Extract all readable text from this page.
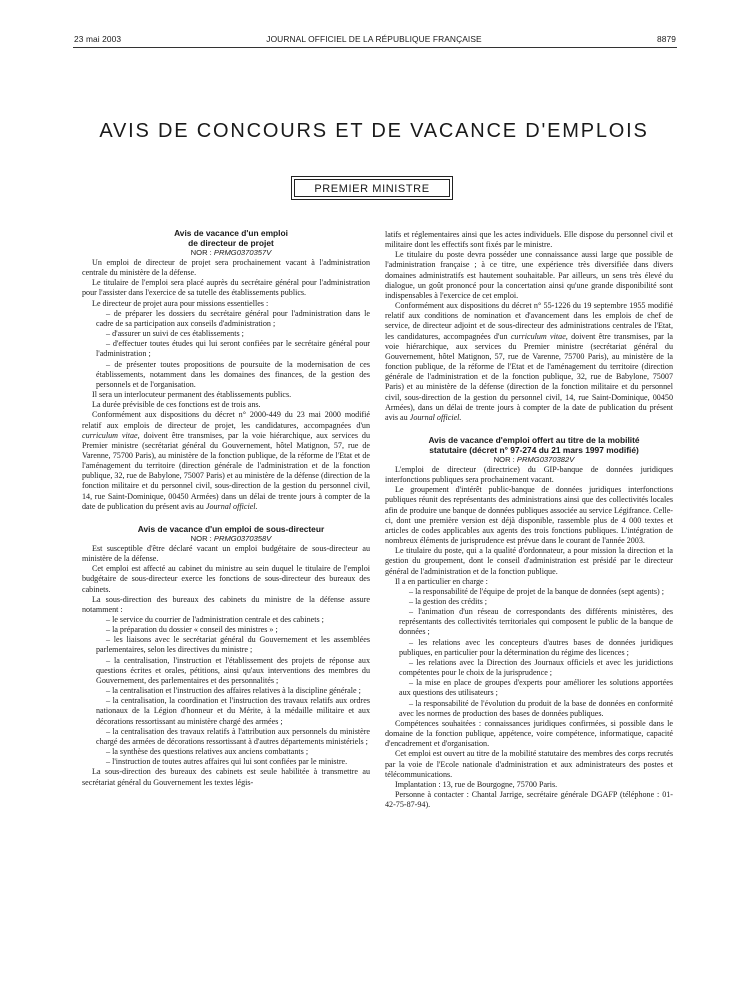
23 mai 2003	JOURNAL OFFICIEL DE LA RÉPUBLIQUE FRANÇAISE	8879
AVIS DE CONCOURS ET DE VACANCE D'EMPLOIS
PREMIER MINISTRE

Avis de vacance d'un emploi

de directeur de projet

NOR : PRMG0370357V

Un emploi de directeur de projet sera prochainement vacant à l'administration centrale du ministère de la défense.

Le titulaire de l'emploi sera placé auprès du secrétaire général pour l'administration pour l'assister dans l'exercice de sa tutelle des établissements publics.

Le directeur de projet aura pour missions essentielles :

– de préparer les dossiers du secrétaire général pour l'administration dans le cadre de sa participation aux conseils d'administration ;

– d'assurer un suivi de ces établissements ;

– d'effectuer toutes études qui lui seront confiées par le secrétaire général pour l'administration ;

– de présenter toutes propositions de poursuite de la modernisation de ces établissements, notamment dans les domaines des finances, de la gestion des personnels et de l'organisation.

Il sera un interlocuteur permanent des établissements publics.

La durée prévisible de ces fonctions est de trois ans.

Conformément aux dispositions du décret n° 2000-449 du 23 mai 2000 modifié relatif aux emplois de directeur de projet, les candidatures, accompagnées d'un curriculum vitae, doivent être transmises, par la voie hiérarchique, aux services du Premier ministre (secrétariat général du Gouvernement, hôtel Matignon, 57, rue de Varenne, 75700 Paris), au ministère de la fonction publique, de la réforme de l'Etat et de l'aménagement du territoire (direction générale de l'administration et de la fonction publique, 32, rue de Babylone, 75007 Paris) et au ministère de la défense (direction de la fonction militaire et du personnel civil, sous-direction de la gestion du personnel civil, 14, rue Saint-Dominique, 00450 Armées) dans un délai de trente jours à compter de la date de publication du présent avis au Journal officiel.

Avis de vacance d'un emploi de sous-directeur

NOR : PRMG0370358V

Est susceptible d'être déclaré vacant un emploi budgétaire de sous-directeur au ministère de la défense.

Cet emploi est affecté au cabinet du ministre au sein duquel le titulaire de l'emploi budgétaire de sous-directeur exerce les fonctions de sous-directeur des bureaux des cabinets.

La sous-direction des bureaux des cabinets du ministre de la défense assure notamment :

– le service du courrier de l'administration centrale et des cabinets ;

– la préparation du dossier « conseil des ministres » ;

– les liaisons avec le secrétariat général du Gouvernement et les assemblées parlementaires, selon les directives du ministre ;

– la centralisation, l'instruction et l'établissement des projets de réponse aux questions écrites et orales, pétitions, ainsi qu'aux interventions des membres du Gouvernement, des parlementaires et des personnalités ;

– la centralisation et l'instruction des affaires relatives à la discipline générale ;

– la centralisation, la coordination et l'instruction des travaux relatifs aux ordres nationaux de la Légion d'honneur et du Mérite, à la médaille militaire et aux décorations ressortissant au ministère chargé des armées ;

– la centralisation des travaux relatifs à l'attribution aux personnels du ministère chargé des armées de décorations ressortissant à d'autres départements ministériels ;

– la synthèse des questions relatives aux anciens combattants ;

– l'instruction de toutes autres affaires qui lui sont confiées par le ministre.

La sous-direction des bureaux des cabinets est seule habilitée à transmettre au secrétariat général du Gouvernement les textes légis-

latifs et réglementaires ainsi que les actes individuels. Elle dispose du personnel civil et militaire dont les effectifs sont fixés par le ministre.

Le titulaire du poste devra posséder une connaissance aussi large que possible de l'administration française ; à ce titre, une expérience très diversifiée dans divers domaines administratifs est hautement souhaitable. Par ailleurs, un sens très élevé du dialogue, un goût prononcé pour la concertation ainsi qu'une grande disponibilité sont indispensables à l'exercice de cet emploi.

Conformément aux dispositions du décret n° 55-1226 du 19 septembre 1955 modifié relatif aux conditions de nomination et d'avancement dans les emplois de chef de service, de directeur adjoint et de sous-directeur des administrations centrales de l'Etat, les candidatures, accompagnées d'un curriculum vitae, doivent être transmises, par la voie hiérarchique, aux services du Premier ministre (secrétariat général du Gouvernement, hôtel Matignon, 57, rue de Varenne, 75700 Paris), au ministère de la fonction publique, de la réforme de l'Etat et de l'aménagement du territoire (direction générale de l'administration et de la fonction publique, 32, rue de Babylone, 75007 Paris) et au ministère de la défense (direction de la fonction militaire et du personnel civil, sous-direction de la gestion du personnel civil, 14, rue Saint-Dominique, 00450 Armées), dans un délai de trente jours à compter de la date de publication du présent avis au Journal officiel.

Avis de vacance d'emploi offert au titre de la mobilité

statutaire (décret n° 97-274 du 21 mars 1997 modifié)

NOR : PRMG0370382V

L'emploi de directeur (directrice) du GIP-banque de données juridiques interfonctions publiques sera prochainement vacant.

Le groupement d'intérêt public-banque de données juridiques interfonctions publiques réunit des représentants des administrations ainsi que des collectivités locales afin de produire une banque de données publiques associée au service Légifrance. Celle-ci, dont une première version est déjà disponible, rassemble plus de 4 000 textes et articles de codes applicables aux agents des trois fonctions publiques. L'intégration de nombreux éléments de jurisprudence est prévue dans le courant de l'année 2003.

Le titulaire du poste, qui a la qualité d'ordonnateur, a pour mission la direction et la gestion du groupement, dont le conseil d'administration est présidé par le directeur général de l'administration et de la fonction publique.

Il a en particulier en charge :

– la responsabilité de l'équipe de projet de la banque de données (sept agents) ;

– la gestion des crédits ;

– l'animation d'un réseau de correspondants des différents ministères, des représentants des collectivités territoriales qui composent le public de la banque de données ;

– les relations avec les concepteurs d'autres bases de données juridiques publiques, en particulier pour la détermination du régime des licences ;

– les relations avec la Direction des Journaux officiels et avec les juridictions compétentes pour le choix de la jurisprudence ;

– la mise en place de groupes d'experts pour améliorer les solutions apportées aux questions des utilisateurs ;

– la responsabilité de l'évolution du produit de la base de données en conformité avec les normes de production des bases de données publiques.

Compétences souhaitées : connaissances juridiques confirmées, si possible dans le domaine de la fonction publique, appétence, voire compétence, informatique, capacité d'encadrement et d'organisation.

Cet emploi est ouvert au titre de la mobilité statutaire des membres des corps recrutés par la voie de l'Ecole nationale d'administration et aux administrateurs des postes et télécommunications.

Implantation : 13, rue de Bourgogne, 75700 Paris.

Personne à contacter : Chantal Jarrige, secrétaire générale DGAFP (téléphone : 01-42-75-87-94).
